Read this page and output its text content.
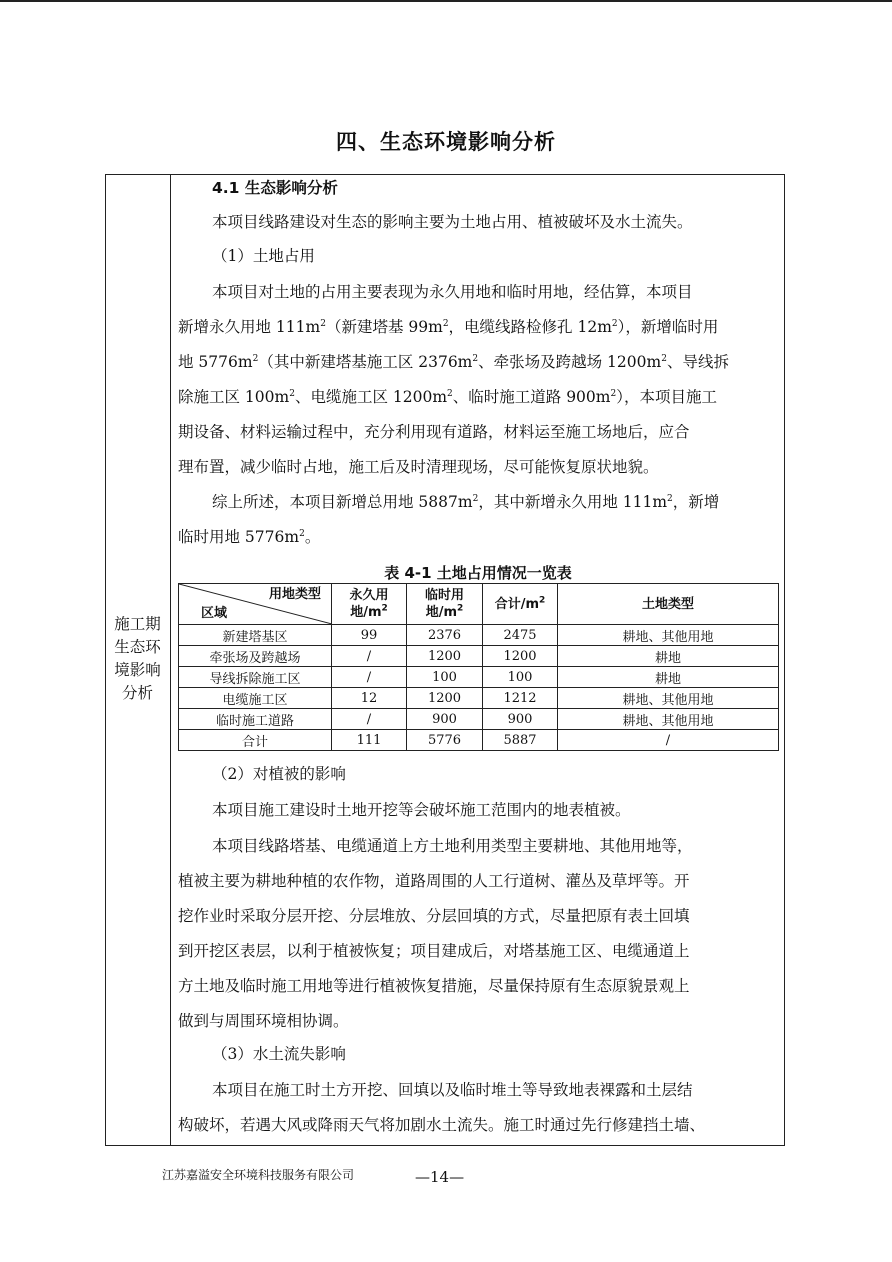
四、生态环境影响分析
施工期
生态环
境影响
分析
4.1 生态影响分析
本项目线路建设对生态的影响主要为土地占用、植被破坏及水土流失。
（1）土地占用
本项目对土地的占用主要表现为永久用地和临时用地，经估算，本项目
新增永久用地 $111m^2$（新建塔基 $99m^2$，电缆线路检修孔 $12m^2$），新增临时用
地 $5776m^2$（其中新建塔基施工区 $2376m^2$、牵张场及跨越场 $1200m^2$、导线拆
除施工区 $100m^2$、电缆施工区 $1200m^2$、临时施工道路 $900m^2$），本项目施工
期设备、材料运输过程中，充分利用现有道路，材料运至施工场地后，应合
理布置，减少临时占地，施工后及时清理现场，尽可能恢复原状地貌。
综上所述，本项目新增总用地 $5887m^2$，其中新增永久用地 $111m^2$，新增
临时用地 $5776m^2$。
表 4-1 土地占用情况一览表
用地类型
区域	永久用地$/m^2$	临时用地$/m^2$	合计$/m^2$	土地类型
新建塔基区	99	2376	2475	耕地、其他用地
牵张场及跨越场	/	1200	1200	耕地
导线拆除施工区	/	100	100	耕地
电缆施工区	12	1200	1212	耕地、其他用地
临时施工道路	/	900	900	耕地、其他用地
合计	111	5776	5887	/
（2）对植被的影响
本项目施工建设时土地开挖等会破坏施工范围内的地表植被。
本项目线路塔基、电缆通道上方土地利用类型主要耕地、其他用地等，
植被主要为耕地种植的农作物，道路周围的人工行道树、灌丛及草坪等。开
挖作业时采取分层开挖、分层堆放、分层回填的方式，尽量把原有表土回填
到开挖区表层，以利于植被恢复；项目建成后，对塔基施工区、电缆通道上
方土地及临时施工用地等进行植被恢复措施，尽量保持原有生态原貌景观上
做到与周围环境相协调。
（3）水土流失影响
本项目在施工时土方开挖、回填以及临时堆土等导致地表裸露和土层结
构破坏，若遇大风或降雨天气将加剧水土流失。施工时通过先行修建挡土墙、
江苏嘉溢安全环境科技服务有限公司	—14—
